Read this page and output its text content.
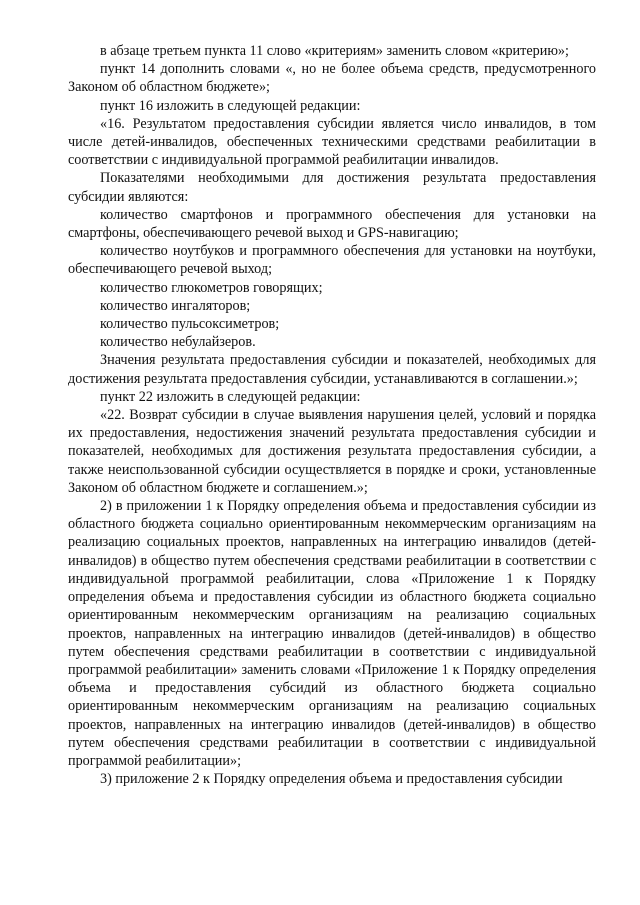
в абзаце третьем пункта 11 слово «критериям» заменить словом «критерию»;

пункт 14 дополнить словами «, но не более объема средств, предусмотренного Законом об областном бюджете»;

пункт 16 изложить в следующей редакции:

«16. Результатом предоставления субсидии является число инвалидов, в том числе детей-инвалидов, обеспеченных техническими средствами реабилитации в соответствии с индивидуальной программой реабилитации инвалидов.

Показателями необходимыми для достижения результата предоставления субсидии являются:

количество смартфонов и программного обеспечения для установки на смартфоны, обеспечивающего речевой выход и GPS-навигацию;

количество ноутбуков и программного обеспечения для установки на ноутбуки, обеспечивающего речевой выход;

количество глюкометров говорящих;

количество ингаляторов;

количество пульсоксиметров;

количество небулайзеров.

Значения результата предоставления субсидии и показателей, необходимых для достижения результата предоставления субсидии, устанавливаются в соглашении.»;

пункт 22 изложить в следующей редакции:

«22. Возврат субсидии в случае выявления нарушения целей, условий и порядка их предоставления, недостижения значений результата предоставления субсидии и показателей, необходимых для достижения результата предоставления субсидии, а также неиспользованной субсидии осуществляется в порядке и сроки, установленные Законом об областном бюджете и соглашением.»;

2) в приложении 1 к Порядку определения объема и предоставления субсидии из областного бюджета социально ориентированным некоммерческим организациям на реализацию социальных проектов, направленных на интеграцию инвалидов (детей-инвалидов) в общество путем обеспечения средствами реабилитации в соответствии с индивидуальной программой реабилитации, слова «Приложение 1 к Порядку определения объема и предоставления субсидии из областного бюджета социально ориентированным некоммерческим организациям на реализацию социальных проектов, направленных на интеграцию инвалидов (детей-инвалидов) в общество путем обеспечения средствами реабилитации в соответствии с индивидуальной программой реабилитации» заменить словами «Приложение 1 к Порядку определения объема и предоставления субсидий из областного бюджета социально ориентированным некоммерческим организациям на реализацию социальных проектов, направленных на интеграцию инвалидов (детей-инвалидов) в общество путем обеспечения средствами реабилитации в соответствии с индивидуальной программой реабилитации»;

3) приложение 2 к Порядку определения объема и предоставления субсидии
